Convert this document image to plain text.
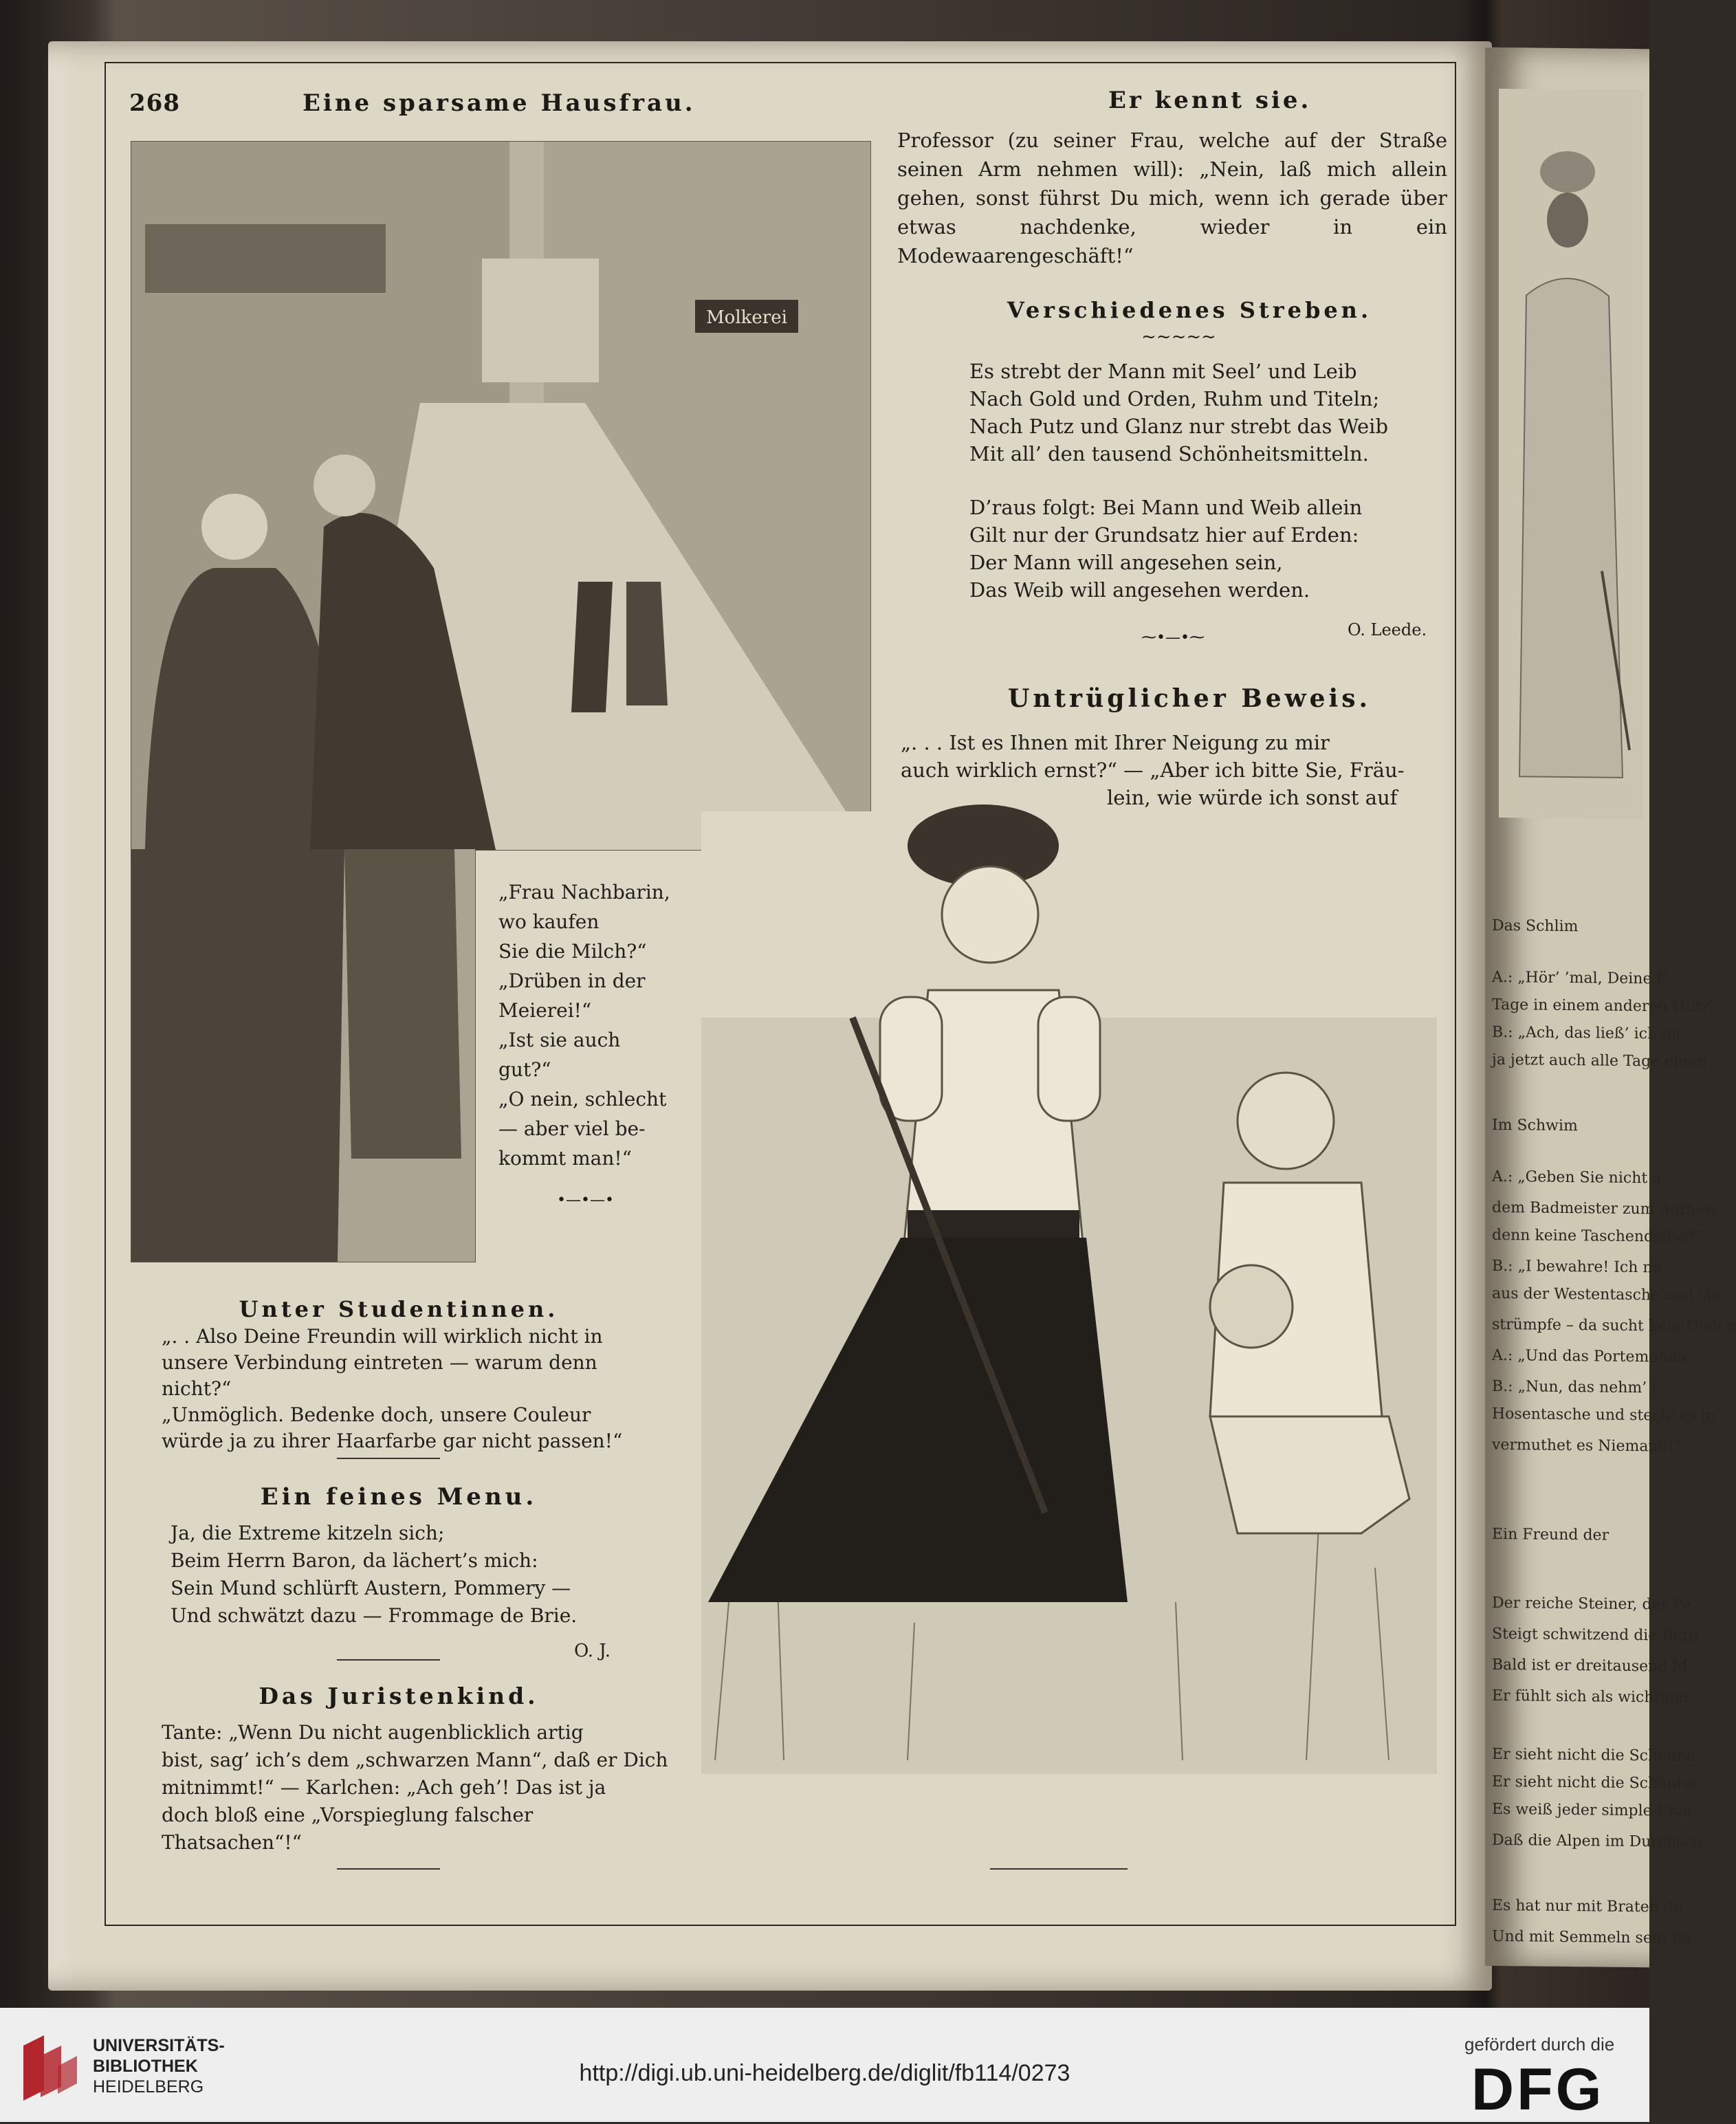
Das Schlim
A.: „Hör’ ’mal, Deine F
Tage in einem anderen Hut?“
B.: „Ach, das ließ’ ich mi
ja jetzt auch alle Tage einen
Im Schwim
A.: „Geben Sie nicht a
dem Badmeister zum Aufbew
denn keine Taschendiebe?“
B.: „I bewahre! Ich ne
aus der Westentasche und ste
strümpfe – da sucht kein Dieb n
A.: „Und das Portemonna
B.: „Nun, das nehm’ i
Hosentasche und steck’ es in
vermuthet es Niemand!“
Ein Freund der
Der reiche Steiner, der Pe
Steigt schwitzend die Berg
Bald ist er dreitausend M
Er fühlt sich als wichtiger
Er sieht nicht die Schönhe
Er sieht nicht die Schönhe
Es weiß jeder simple Erzä
Daß die Alpen im Durchsch
Es hat nur mit Braten de
Und mit Semmeln sein Rä
268	Eine sparsame Hausfrau.	Er kennt sie.
Molkerei
„Frau Nachbarin, wo kaufen
Sie die Milch?“
„Drüben in der
Meierei!“
„Ist sie auch
gut?“
„O nein, schlecht
— aber viel be-
kommt man!“
•—•—•
Professor (zu seiner Frau, welche auf der Straße seinen Arm nehmen will): „Nein, laß mich allein gehen, sonst führst Du mich, wenn ich gerade über etwas nachdenke, wieder in ein Modewaarengeschäft!“
Verschiedenes Streben.
~~~~~
Es strebt der Mann mit Seel’ und Leib
Nach Gold und Orden, Ruhm und Titeln;
Nach Putz und Glanz nur strebt das Weib
Mit all’ den tausend Schönheitsmitteln.
D’raus folgt: Bei Mann und Weib allein
Gilt nur der Grundsatz hier auf Erden:
Der Mann will angesehen sein,
Das Weib will angesehen werden.
O. Leede.
⁓•—•⁓
Untrüglicher Beweis.
„. . . Ist es Ihnen mit Ihrer Neigung zu mir
auch wirklich ernst?“ — „Aber ich bitte Sie, Fräu-
lein, wie würde ich sonst auf
Unter Studentinnen.
„. . Also Deine Freundin will wirklich nicht in
unsere Verbindung eintreten — warum denn nicht?“
„Unmöglich. Bedenke doch, unsere Couleur
würde ja zu ihrer Haarfarbe gar nicht passen!“
Ein feines Menu.
Ja, die Extreme kitzeln sich;
Beim Herrn Baron, da lächert’s mich:
Sein Mund schlürft Austern, Pommery —
Und schwätzt dazu — Frommage de Brie.
O. J.
Das Juristenkind.
Tante: „Wenn Du nicht augenblicklich artig
bist, sag’ ich’s dem „schwarzen Mann“, daß er Dich
mitnimmt!“ — Karlchen: „Ach geh’! Das ist ja
doch bloß eine „Vorspieglung falscher Thatsachen“!“
UNIVERSITÄTS-
BIBLIOTHEK
HEIDELBERG
http://digi.ub.uni-heidelberg.de/diglit/fb114/0273
gefördert durch die
DFG
